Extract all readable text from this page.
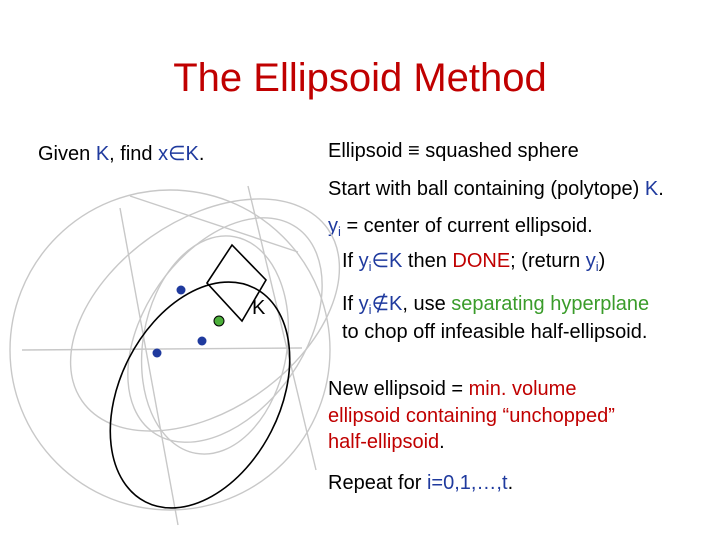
The Ellipsoid Method
Given K, find x∈K.	Ellipsoid ≡ squashed sphere
Start with ball containing (polytope) K.
$y_i$ = center of current ellipsoid.
If $y_i\in K$ then DONE; (return $y_i$)
If $y_i\notin K$, use separating hyperplane
to chop off infeasible half-ellipsoid.
New ellipsoid = min. volume
ellipsoid containing “unchopped”
half-ellipsoid.
Repeat for i=0,1,…,t.
K
